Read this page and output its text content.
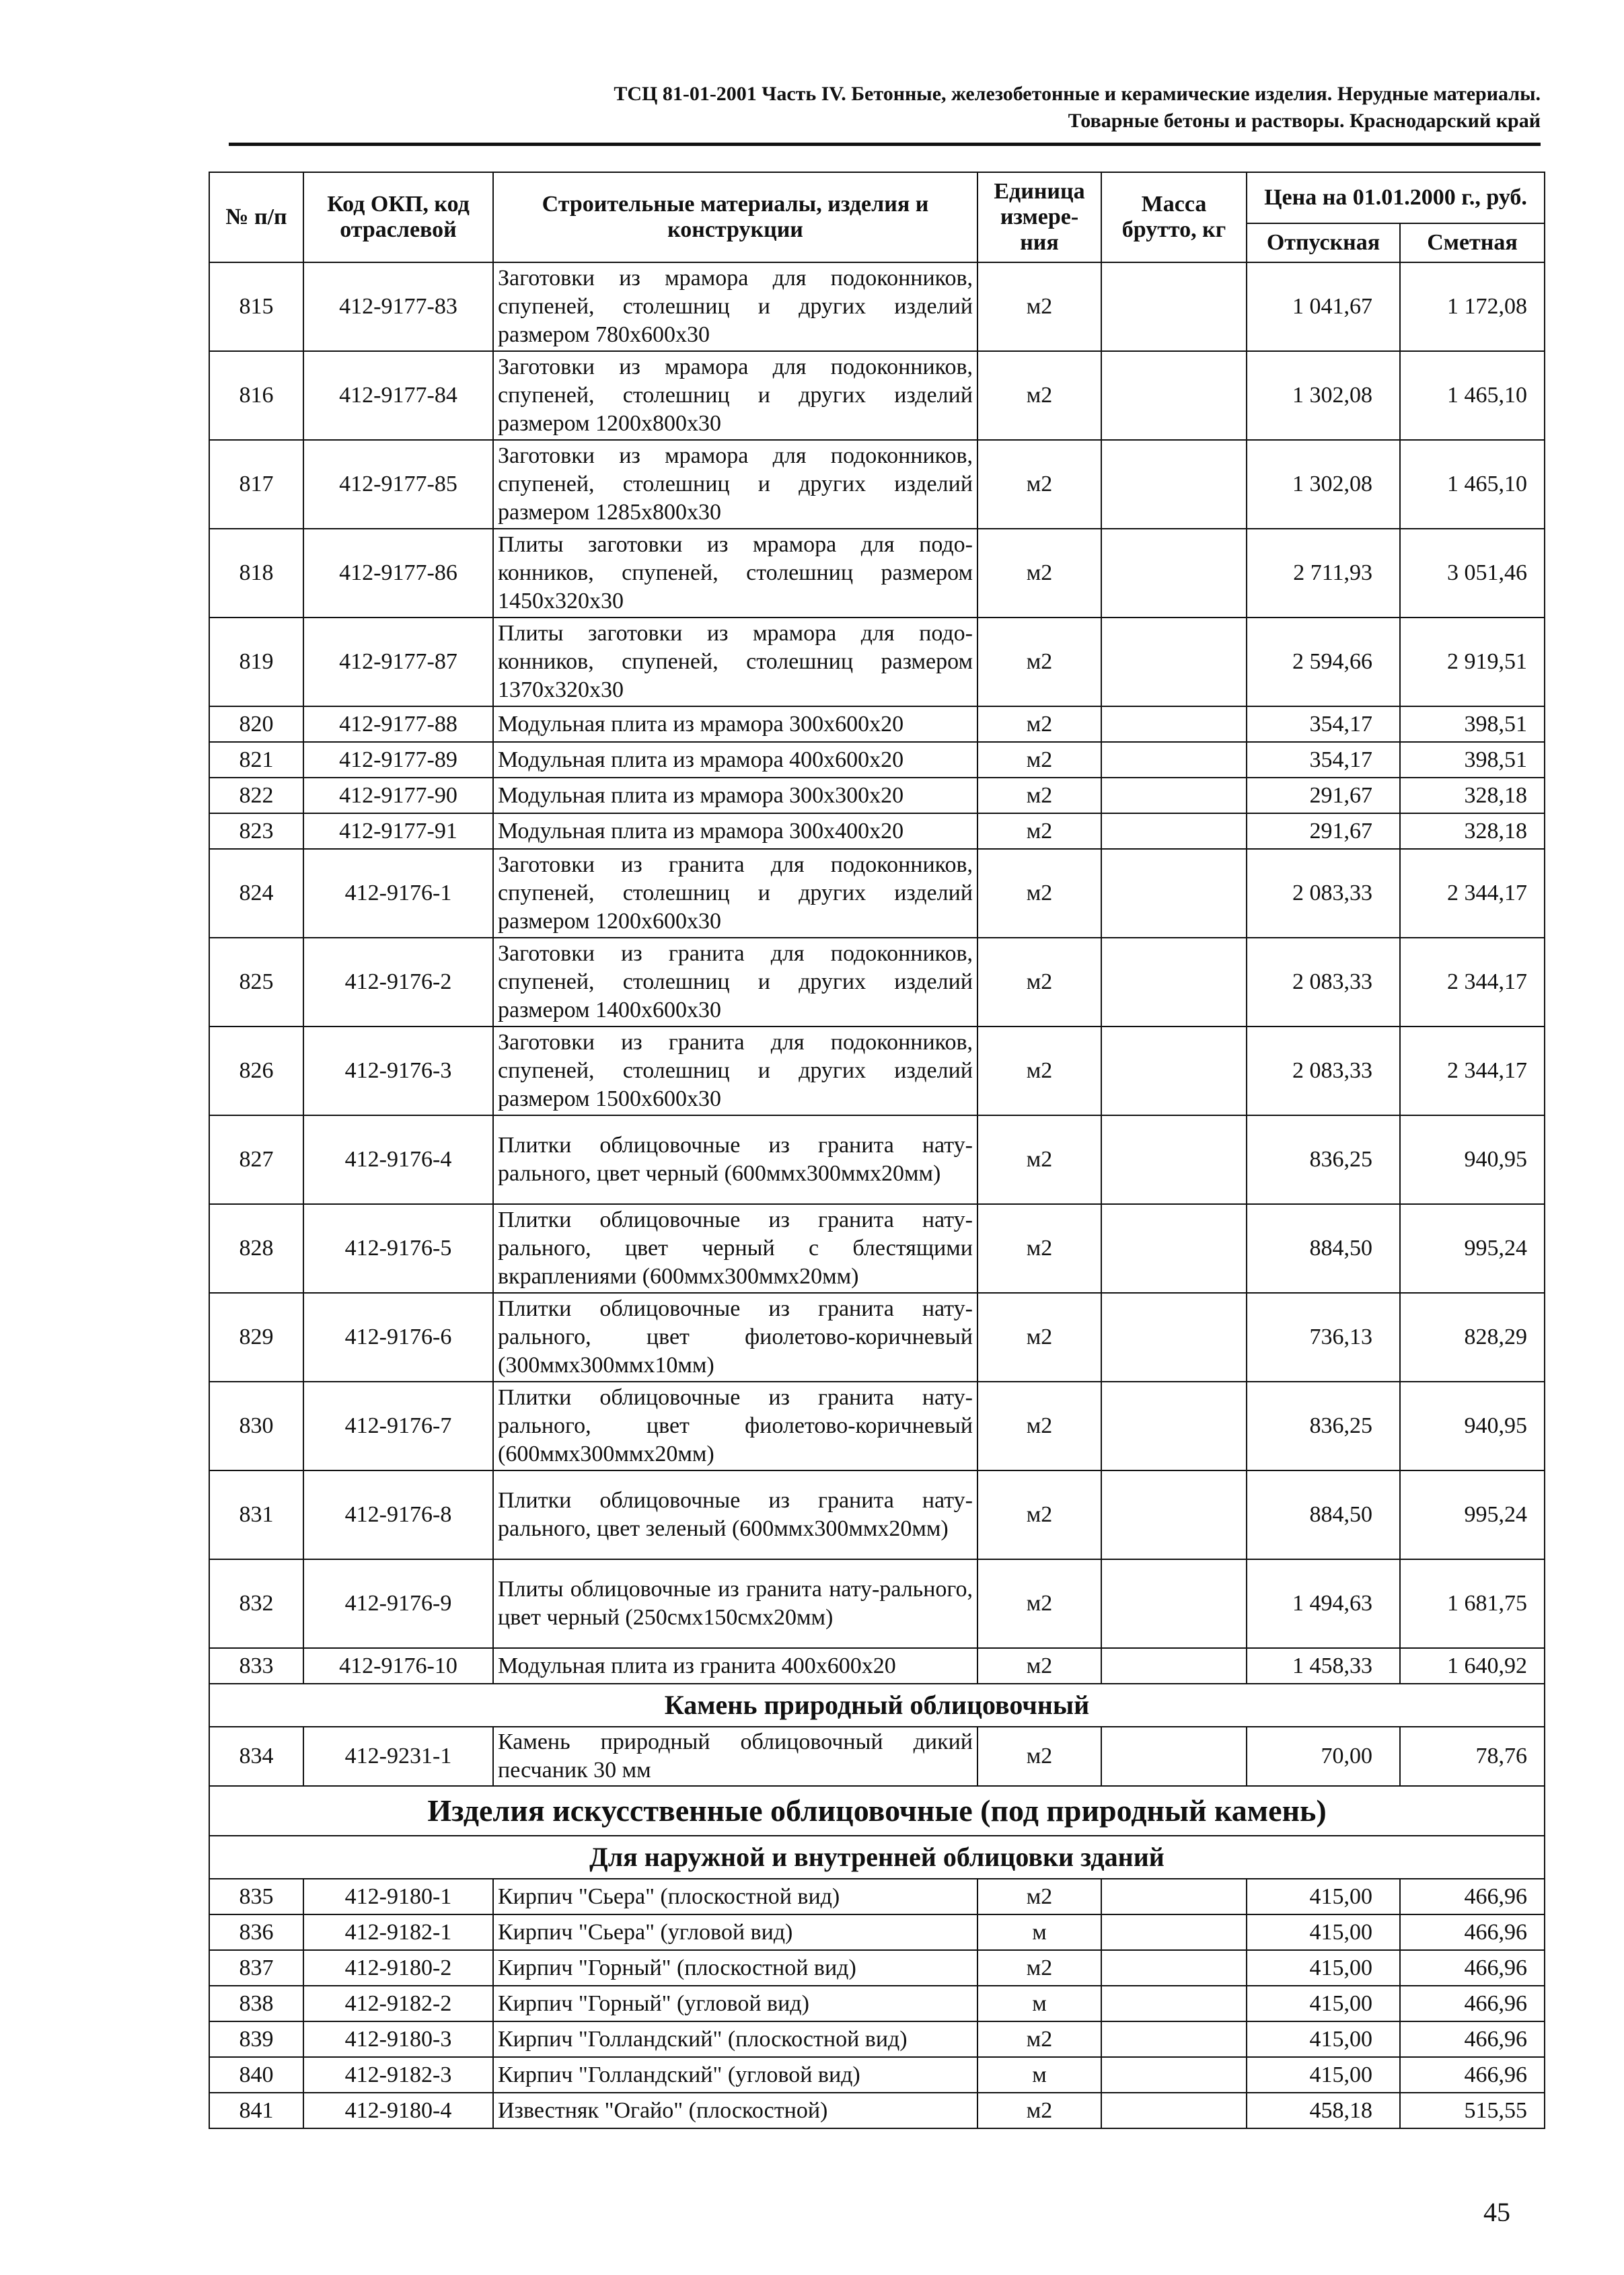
ТСЦ 81-01-2001 Часть IV. Бетонные, железобетонные и керамические изделия. Нерудные материалы.
Товарные бетоны и растворы. Краснодарский край
№ п/п	Код ОКП, код отраслевой	Строительные материалы, изделия и конструкции	Единица измере-ния	Масса брутто, кг	Цена на 01.01.2000 г., руб.	
					Отпускная	Сметная
815	412-9177-83	Заготовки из мрамора для подоконников, спупеней, столешниц и других изделий размером 780х600х30	м2		1 041,67	1 172,08
816	412-9177-84	Заготовки из мрамора для подоконников, спупеней, столешниц и других изделий размером 1200х800х30	м2		1 302,08	1 465,10
817	412-9177-85	Заготовки из мрамора для подоконников, спупеней, столешниц и других изделий размером 1285х800х30	м2		1 302,08	1 465,10
818	412-9177-86	Плиты заготовки из мрамора для подо-конников, спупеней, столешниц размером 1450х320х30	м2		2 711,93	3 051,46
819	412-9177-87	Плиты заготовки из мрамора для подо-конников, спупеней, столешниц размером 1370х320х30	м2		2 594,66	2 919,51
820	412-9177-88	Модульная плита из мрамора 300х600х20	м2		354,17	398,51
821	412-9177-89	Модульная плита из мрамора 400х600х20	м2		354,17	398,51
822	412-9177-90	Модульная плита из мрамора 300х300х20	м2		291,67	328,18
823	412-9177-91	Модульная плита из мрамора 300х400х20	м2		291,67	328,18
824	412-9176-1	Заготовки из гранита для подоконников, спупеней, столешниц и других изделий размером 1200х600х30	м2		2 083,33	2 344,17
825	412-9176-2	Заготовки из гранита для подоконников, спупеней, столешниц и других изделий размером 1400х600х30	м2		2 083,33	2 344,17
826	412-9176-3	Заготовки из гранита для подоконников, спупеней, столешниц и других изделий размером 1500х600х30	м2		2 083,33	2 344,17
827	412-9176-4	Плитки облицовочные из гранита нату-рального, цвет черный (600ммх300ммх20мм)	м2		836,25	940,95
828	412-9176-5	Плитки облицовочные из гранита нату-рального, цвет черный с блестящими вкраплениями (600ммх300ммх20мм)	м2		884,50	995,24
829	412-9176-6	Плитки облицовочные из гранита нату-рального, цвет фиолетово-коричневый (300ммх300ммх10мм)	м2		736,13	828,29
830	412-9176-7	Плитки облицовочные из гранита нату-рального, цвет фиолетово-коричневый (600ммх300ммх20мм)	м2		836,25	940,95
831	412-9176-8	Плитки облицовочные из гранита нату-рального, цвет зеленый (600ммх300ммх20мм)	м2		884,50	995,24
832	412-9176-9	Плиты облицовочные из гранита нату-рального, цвет черный (250смх150смх20мм)	м2		1 494,63	1 681,75
833	412-9176-10	Модульная плита из гранита 400х600х20	м2		1 458,33	1 640,92
Камень природный облицовочный						
834	412-9231-1	Камень природный облицовочный дикий песчаник 30 мм	м2		70,00	78,76
Изделия искусственные облицовочные (под природный камень)						
Для наружной и внутренней облицовки зданий						
835	412-9180-1	Кирпич "Сьера" (плоскостной вид)	м2		415,00	466,96
836	412-9182-1	Кирпич "Сьера" (угловой вид)	м		415,00	466,96
837	412-9180-2	Кирпич "Горный" (плоскостной вид)	м2		415,00	466,96
838	412-9182-2	Кирпич "Горный" (угловой вид)	м		415,00	466,96
839	412-9180-3	Кирпич "Голландский" (плоскостной вид)	м2		415,00	466,96
840	412-9182-3	Кирпич "Голландский" (угловой вид)	м		415,00	466,96
841	412-9180-4	Известняк "Огайо" (плоскостной)	м2		458,18	515,55
45
